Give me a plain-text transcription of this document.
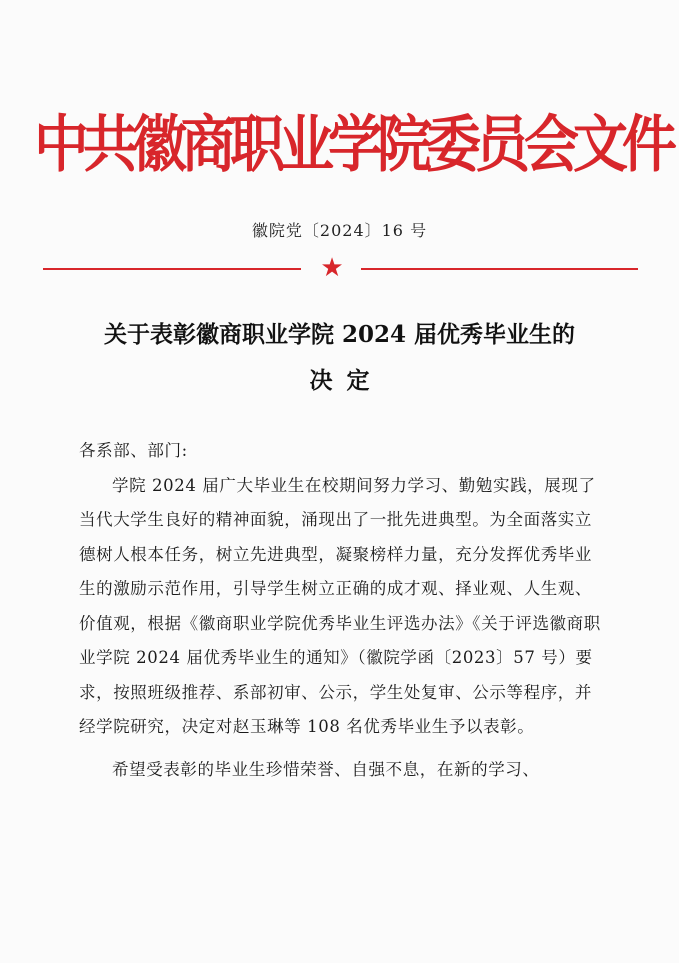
中共徽商职业学院委员会文件
徽院党〔2024〕16 号
★
关于表彰徽商职业学院 2024 届优秀毕业生的
决定

各系部、部门:

学院 2024 届广大毕业生在校期间努力学习、勤勉实践，展现了当代大学生良好的精神面貌，涌现出了一批先进典型。为全面落实立德树人根本任务，树立先进典型，凝聚榜样力量，充分发挥优秀毕业生的激励示范作用，引导学生树立正确的成才观、择业观、人生观、价值观，根据《徽商职业学院优秀毕业生评选办法》《关于评选徽商职业学院 2024 届优秀毕业生的通知》（徽院学函〔2023〕57 号）要求，按照班级推荐、系部初审、公示，学生处复审、公示等程序，并经学院研究，决定对赵玉琳等 108 名优秀毕业生予以表彰。

希望受表彰的毕业生珍惜荣誉、自强不息，在新的学习、
